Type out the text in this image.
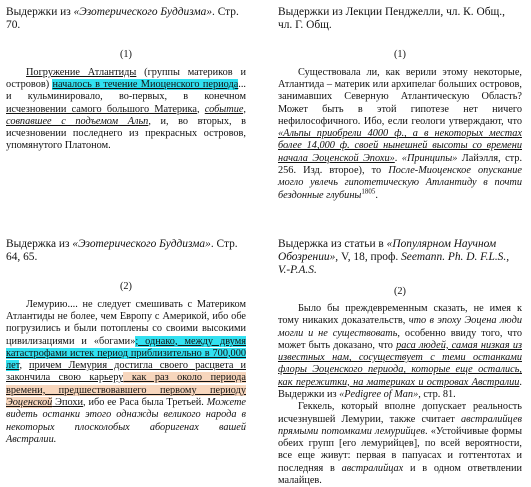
Выдержки из «Эзотерического Буддизма». Стр. 70.

(1)

Погружение Атлантиды (группы материков и островов) началось в течение Миоценского периода... и кульминировало, во-первых, в конечном исчезновении самого большого Материка, событие, совпавшее с подъемом Альп, и, во вторых, в исчезновении последнего из прекрасных островов, упомянутого Платоном.

Выдержки из Лекции Пенджелли, чл. К. Общ., чл. Г. Общ.

(1)

Существовала ли, как верили этому некоторые, Атлантида – материк или архипелаг больших островов, занимавших Северную Атлантическую Область? Может быть в этой гипотезе нет ничего нефилософичного. Ибо, если геологи утверждают, что «Альпы приобрели 4000 ф., а в некоторых местах более 14,000 ф. своей нынешней высоты со времени начала Эоценской Эпохи». «Принципы» Лайэлля, стр. 256. Изд. второе), то После-Миоценское опускание могло увлечь гипотетическую Атлантиду в почти бездонные глубины$^{1805}$.

Выдержка из «Эзотерического Буддизма». Стр. 64, 65.

(2)

Лемурию.... не следует смешивать с Материком Атлантиды не более, чем Европу с Америкой, ибо обе погрузились и были потоплены со своими высокими цивилизациями и «богами»; однако, между двумя катастрофами истек период приблизительно в 700,000 лет, причем Лемурия достигла своего расцвета и закончила свою карьеру как раз около периода времени, предшествовавшего первому периоду Эоценской Эпохи, ибо ее Раса была Третьей. Можете видеть останки этого однажды великого народа в некоторых плосколобых аборигенах вашей Австралии.

Выдержка из статьи в «Популярном Научном Обозрении», V, 18, проф. Seemann. Ph. D. F.L.S., V.-P.A.S.

(2)

Было бы преждевременным сказать, не имея к тому никаких доказательств, что в эпоху Эоцена люди могли и не существовать, особенно ввиду того, что может быть доказано, что раса людей, самая низкая из известных нам, сосуществует с теми останками флоры Эоценского периода, которые еще остались, как пережитки, на материках и островах Австралии. Выдержки из «Pedigree of Man», стр. 81.

Геккель, который вполне допускает реальность исчезнувшей Лемурии, также считает австралийцев прямыми потомками лемурийцев. «Устойчивые формы обеих групп [его лемурийцев], по всей вероятности, все еще живут: первая в папуасах и готтентотах и последняя в австралийцах и в одном ответвлении малайцев.
